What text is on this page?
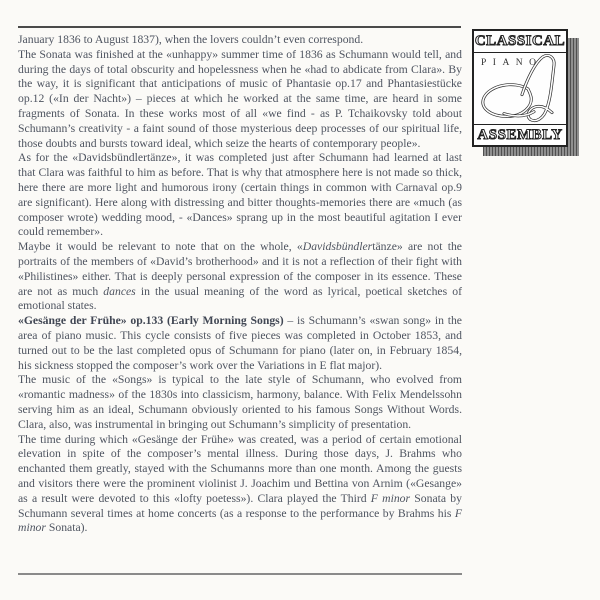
January 1836 to August 1837), when the lovers couldn’t even correspond.

The Sonata was finished at the «unhappy» summer time of 1836 as Schumann would tell, and during the days of total obscurity and hopelessness when he «had to abdicate from Clara». By the way, it is significant that anticipations of music of Phantasie op.17 and Phantasiestücke op.12 («In der Nacht») – pieces at which he worked at the same time, are heard in some fragments of Sonata. In these works most of all «we find - as P. Tchaikovsky told about Schumann’s creativity - a faint sound of those mysterious deep processes of our spiritual life, those doubts and bursts toward ideal, which seize the hearts of contemporary people».

As for the «Davidsbündlertänze», it was completed just after Schumann had learned at last that Clara was faithful to him as before. That is why that atmosphere here is not made so thick, here there are more light and humorous irony (certain things in common with Carnaval op.9 are significant). Here along with distressing and bitter thoughts-memories there are «much (as composer wrote) wedding mood, - «Dances» sprang up in the most beautiful agitation I ever could remember».

Maybe it would be relevant to note that on the whole, «Davidsbündlertänze» are not the portraits of the members of «David’s brotherhood» and it is not a reflection of their fight with «Philistines» either. That is deeply personal expression of the composer in its essence. These are not as much dances in the usual meaning of the word as lyrical, poetical sketches of emotional states.

«Gesänge der Frühe» op.133 (Early Morning Songs) – is Schumann’s «swan song» in the area of piano music. This cycle consists of five pieces was completed in October 1853, and turned out to be the last completed opus of Schumann for piano (later on, in February 1854, his sickness stopped the composer’s work over the Variations in E flat major).

The music of the «Songs» is typical to the late style of Schumann, who evolved from «romantic madness» of the 1830s into classicism, harmony, balance. With Felix Mendelssohn serving him as an ideal, Schumann obviously oriented to his famous Songs Without Words. Clara, also, was instrumental in bringing out Schumann’s simplicity of presentation.

The time during which «Gesänge der Frühe» was created, was a period of certain emotional elevation in spite of the composer’s mental illness. During those days, J. Brahms who enchanted them greatly, stayed with the Schumanns more than one month. Among the guests and visitors there were the prominent violinist J. Joachim und Bettina von Arnim («Gesange» as a result were devoted to this «lofty poetess»). Clara played the Third F minor Sonata by Schumann several times at home concerts (as a response to the performance by Brahms his F minor Sonata).

CLASSICAL
PIANO
ASSEMBLY
